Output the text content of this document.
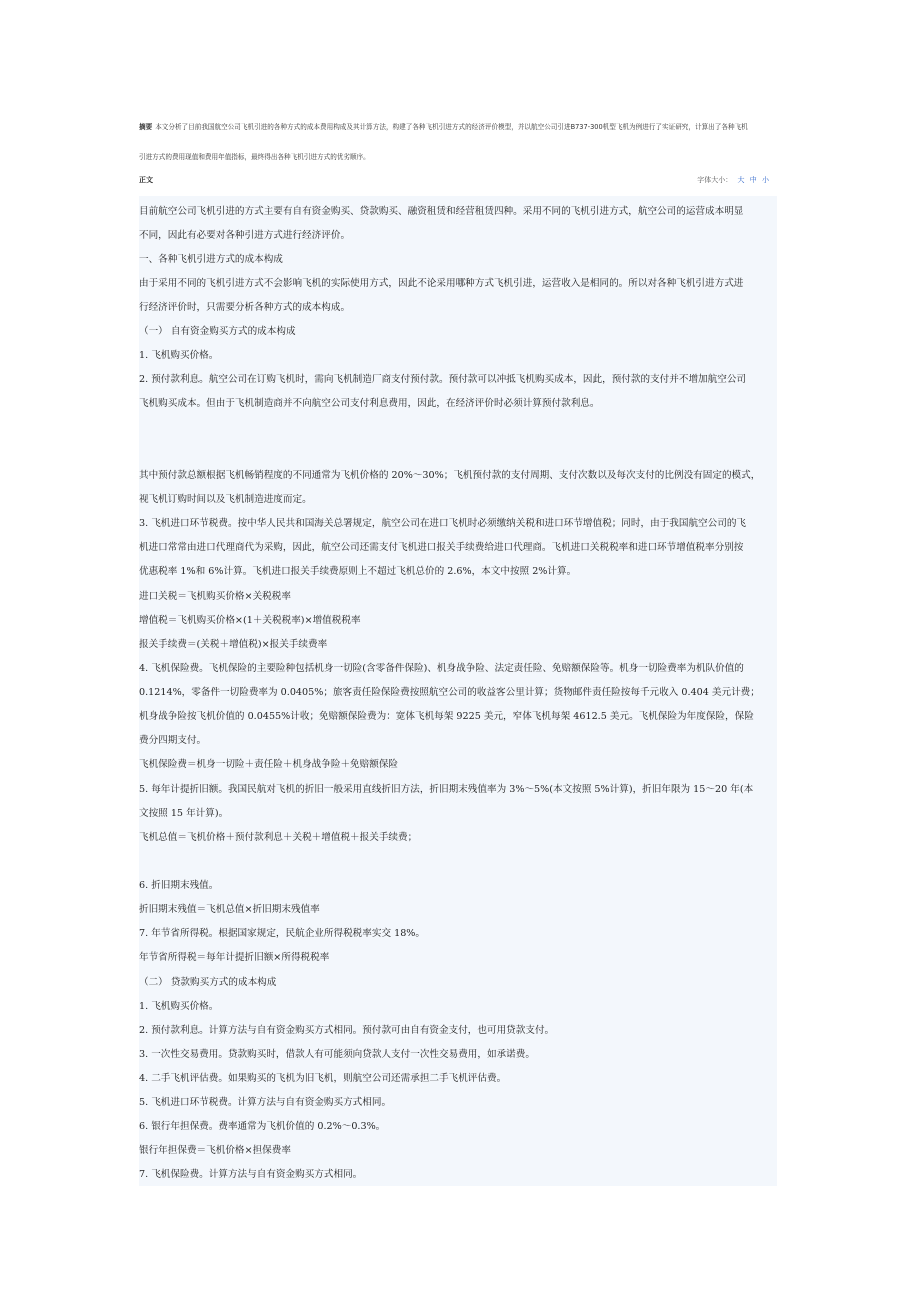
摘要 本文分析了目前我国航空公司飞机引进的各种方式的成本费用构成及其计算方法，构建了各种飞机引进方式的经济评价模型，并以航空公司引进B737-300机型飞机为例进行了实证研究，计算出了各种飞机

引进方式的费用现值和费用年值指标，最终得出各种飞机引进方式的优劣顺序。

正文	字体大小： 大 中 小
目前航空公司飞机引进的方式主要有自有资金购买、贷款购买、融资租赁和经营租赁四种。采用不同的飞机引进方式，航空公司的运营成本明显
不同，因此有必要对各种引进方式进行经济评价。
一、各种飞机引进方式的成本构成
由于采用不同的飞机引进方式不会影响飞机的实际使用方式，因此不论采用哪种方式飞机引进，运营收入是相同的。所以对各种飞机引进方式进
行经济评价时，只需要分析各种方式的成本构成。
（一） 自有资金购买方式的成本构成
1. 飞机购买价格。
2. 预付款利息。航空公司在订购飞机时，需向飞机制造厂商支付预付款。预付款可以冲抵飞机购买成本，因此，预付款的支付并不增加航空公司
飞机购买成本。但由于飞机制造商并不向航空公司支付利息费用，因此，在经济评价时必须计算预付款利息。
其中预付款总额根据飞机畅销程度的不同通常为飞机价格的 20%～30%；飞机预付款的支付周期、支付次数以及每次支付的比例没有固定的模式，
视飞机订购时间以及飞机制造进度而定。
3. 飞机进口环节税费。按中华人民共和国海关总署规定，航空公司在进口飞机时必须缴纳关税和进口环节增值税；同时，由于我国航空公司的飞
机进口常常由进口代理商代为采购，因此，航空公司还需支付飞机进口报关手续费给进口代理商。飞机进口关税税率和进口环节增值税率分别按
优惠税率 1%和 6%计算。飞机进口报关手续费原则上不超过飞机总价的 2.6%，本文中按照 2%计算。
进口关税＝飞机购买价格×关税税率
增值税＝飞机购买价格×(1＋关税税率)×增值税税率
报关手续费＝(关税＋增值税)×报关手续费率
4. 飞机保险费。飞机保险的主要险种包括机身一切险(含零备件保险)、机身战争险、法定责任险、免赔额保险等。机身一切险费率为机队价值的
0.1214%，零备件一切险费率为 0.0405%；旅客责任险保险费按照航空公司的收益客公里计算；货物邮件责任险按每千元收入 0.404 美元计费；
机身战争险按飞机价值的 0.0455%计收；免赔额保险费为：宽体飞机每架 9225 美元，窄体飞机每架 4612.5 美元。飞机保险为年度保险，保险
费分四期支付。
飞机保险费＝机身一切险＋责任险＋机身战争险＋免赔额保险
5. 每年计提折旧额。我国民航对飞机的折旧一般采用直线折旧方法，折旧期末残值率为 3%～5%(本文按照 5%计算)，折旧年限为 15～20 年(本
文按照 15 年计算)。
飞机总值＝飞机价格＋预付款利息＋关税＋增值税＋报关手续费；
6. 折旧期末残值。
折旧期末残值＝飞机总值×折旧期末残值率
7. 年节省所得税。根据国家规定，民航企业所得税税率实交 18%。
年节省所得税＝每年计提折旧额×所得税税率
（二） 贷款购买方式的成本构成
1. 飞机购买价格。
2. 预付款利息。计算方法与自有资金购买方式相同。预付款可由自有资金支付，也可用贷款支付。
3. 一次性交易费用。贷款购买时，借款人有可能须向贷款人支付一次性交易费用，如承诺费。
4. 二手飞机评估费。如果购买的飞机为旧飞机，则航空公司还需承担二手飞机评估费。
5. 飞机进口环节税费。计算方法与自有资金购买方式相同。
6. 银行年担保费。费率通常为飞机价值的 0.2%～0.3%。
银行年担保费＝飞机价格×担保费率
7. 飞机保险费。计算方法与自有资金购买方式相同。
